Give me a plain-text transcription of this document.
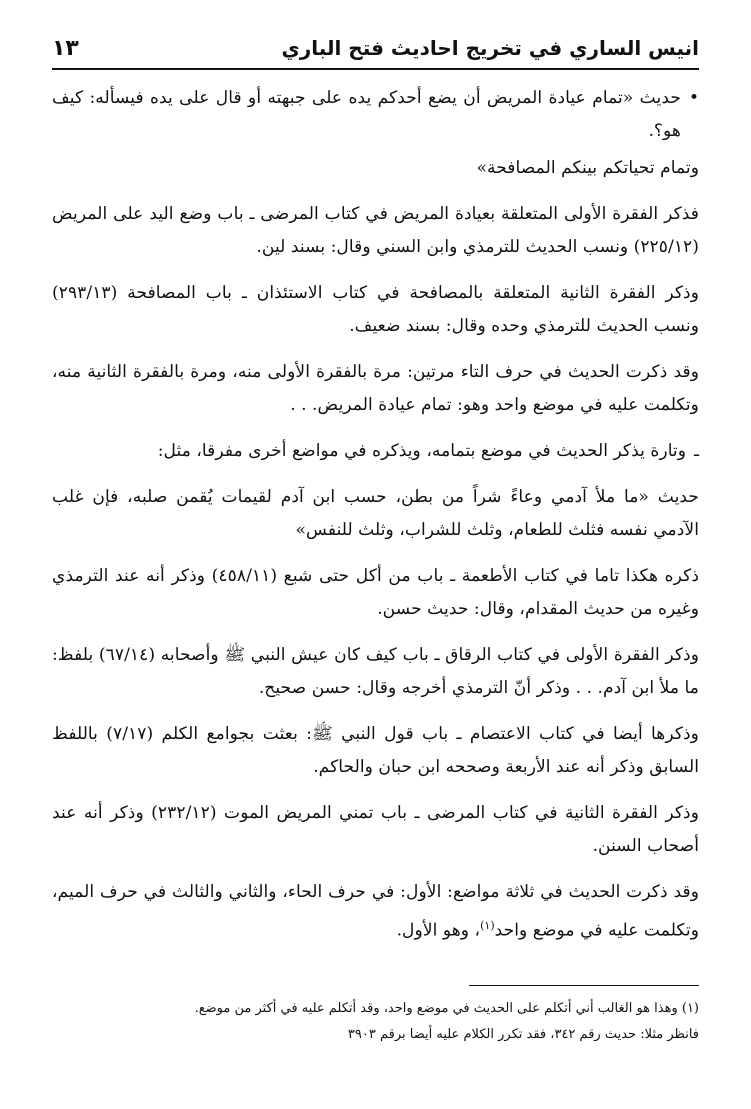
انيس الساري في تخريج احاديث فتح الباري
١٣
•
حديث «تمام عيادة المريض أن يضع أحدكم يده على جبهته أو قال على يده فيسأله: كيف هو؟.

وتمام تحياتكم بينكم المصافحة»

فذكر الفقرة الأولى المتعلقة بعيادة المريض في كتاب المرضى ـ باب وضع اليد على المريض (٢٢٥/١٢) ونسب الحديث للترمذي وابن السني وقال: بسند لين.

وذكر الفقرة الثانية المتعلقة بالمصافحة في كتاب الاستئذان ـ باب المصافحة (٢٩٣/١٣) ونسب الحديث للترمذي وحده وقال: بسند ضعيف.

وقد ذكرت الحديث في حرف التاء مرتين: مرة بالفقرة الأولى منه، ومرة بالفقرة الثانية منه، وتكلمت عليه في موضع واحد وهو: تمام عيادة المريض. . .

ـ
وتارة يذكر الحديث في موضع بتمامه، ويذكره في مواضع أخرى مفرقا، مثل:

حديث «ما ملأ آدمي وعاءً شراً من بطن، حسب ابن آدم لقيمات يُقمن صلبه، فإن غلب الآدمي نفسه فثلث للطعام، وثلث للشراب، وثلث للنفس»

ذكره هكذا تاما في كتاب الأطعمة ـ باب من أكل حتى شبع (٤٥٨/١١) وذكر أنه عند الترمذي وغيره من حديث المقدام، وقال: حديث حسن.

وذكر الفقرة الأولى في كتاب الرقاق ـ باب كيف كان عيش النبي ﷺ وأصحابه (٦٧/١٤) بلفظ: ما ملأ ابن آدم. . . وذكر أنّ الترمذي أخرجه وقال: حسن صحيح.

وذكرها أيضا في كتاب الاعتصام ـ باب قول النبي ﷺ: بعثت بجوامع الكلم (٧/١٧) باللفظ السابق وذكر أنه عند الأربعة وصححه ابن حبان والحاكم.

وذكر الفقرة الثانية في كتاب المرضى ـ باب تمني المريض الموت (٢٣٢/١٢) وذكر أنه عند أصحاب السنن.

وقد ذكرت الحديث في ثلاثة مواضع: الأول: في حرف الحاء، والثاني والثالث في حرف الميم، وتكلمت عليه في موضع واحد$^{(١)}$، وهو الأول.

(١) وهذا هو الغالب أني أتكلم على الحديث في موضع واحد، وقد أتكلم عليه في أكثر من موضع.
فانظر مثلا: حديث رقم ٣٤٢، فقد تكرر الكلام عليه أيضا برقم ٣٩٠٣
